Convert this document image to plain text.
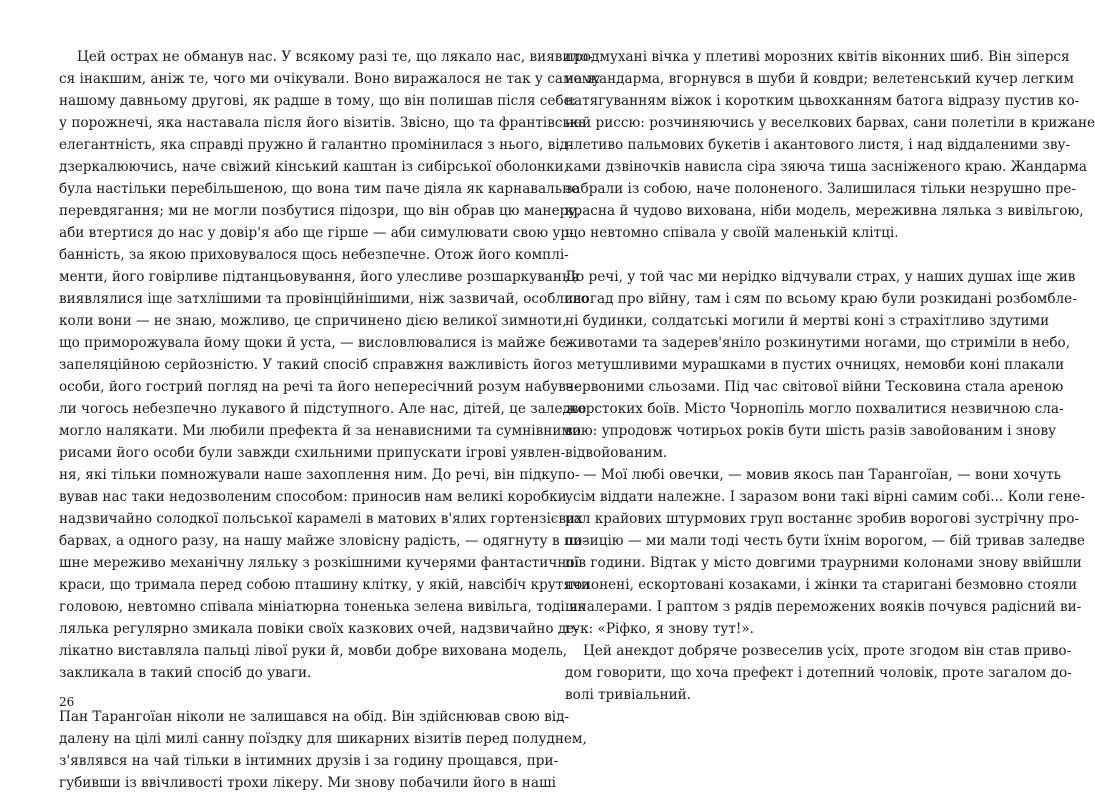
Цей острах не обманув нас. У всякому разі те, що лякало нас, виявило-

ся інакшим, аніж те, чого ми очікували. Воно виражалося не так у самому

нашому давньому другові, як радше в тому, що він полишав після себе:

у порожнечі, яка наставала після його візитів. Звісно, що та франтівська

елегантність, яка справді пружно й галантно промінилася з нього, від-

дзеркалюючись, наче свіжий кінський каштан із сибірської оболонки,

була настільки перебільшеною, що вона тим паче діяла як карнавальне

перевдягання; ми не могли позбутися підозри, що він обрав цю манеру,

аби втертися до нас у довір'я або ще гірше — аби симулювати свою ур-

банність, за якою приховувалося щось небезпечне. Отож його комплі-

менти, його говірливе підтанцьовування, його улесливе розшаркування

виявлялися іще затхлішими та провінційнішими, ніж зазвичай, особливо

коли вони — не знаю, можливо, це спричинено дією великої зимноти,

що приморожувала йому щоки й уста, — висловлювалися із майже бе-

запеляційною серйозністю. У такий спосіб справжня важливість його

особи, його гострий погляд на речі та його непересічний розум набува-

ли чогось небезпечно лукавого й підступного. Але нас, дітей, це заледве

могло налякати. Ми любили префекта й за ненависними та сумнівними

рисами його особи були завжди схильними припускати ігрові уявлен-

ня, які тільки помножували наше захоплення ним. До речі, він підкупо-

вував нас таки недозволеним способом: приносив нам великі коробки

надзвичайно солодкої польської карамелі в матових в'ялих гортензієвих

барвах, а одного разу, на нашу майже зловісну радість, — одягнуту в пи-

шне мереживо механічну ляльку з розкішними кучерями фантастичної

краси, що тримала перед собою пташину клітку, у якій, навсібіч крутячи

головою, невтомно співала мініатюрна тоненька зелена вивільга, тоді як

лялька регулярно змикала повіки своїх казкових очей, надзвичайно де-

лікатно виставляла пальці лівої руки й, мовби добре вихована модель,

закликала в такий спосіб до уваги.

Пан Тарангоїан ніколи не залишався на обід. Він здійснював свою від-

далену на цілі милі санну поїздку для шикарних візитів перед полуднем,

з'являвся на чай тільки в інтимних друзів і за годину прощався, при-

губивши із ввічливості трохи лікеру. Ми знову побачили його в наші

продмухані вічка у плетиві морозних квітів віконних шиб. Він зіперся

на жандарма, вгорнувся в шуби й ковдри; велетенський кучер легким

натягуванням віжок і коротким цьвохканням батога відразу пустив ко-

ней риссю: розчиняючись у веселкових барвах, сани полетіли в крижане

плетиво пальмових букетів і акантового листя, і над віддаленими зву-

ками дзвіночків нависла сіра зяюча тиша засніженого краю. Жандарма

забрали із собою, наче полоненого. Залишилася тільки незрушно пре-

красна й чудово вихована, ніби модель, мереживна лялька з вивільгою,

що невтомно співала у своїй маленькій клітці.

До речі, у той час ми нерідко відчували страх, у наших душах іще жив

спогад про війну, там і сям по всьому краю були розкидані розбомбле-

ні будинки, солдатські могили й мертві коні з страхітливо здутими

животами та задерев'янілo розкинутими ногами, що стриміли в небо,

з метушливими мурашками в пустих очницях, немовби коні плакали

червоними сльозами. Під час світової війни Тесковина стала ареною

жорстоких боїв. Місто Чорнопіль могло похвалитися незвичною сла-

вою: упродовж чотирьох років бути шість разів завойованим і знову

відвойованим.

— Мої любі овечки, — мовив якось пан Тарангоїан, — вони хочуть

усім віддати належне. І заразом вони такі вірні самим собі... Коли гене-

рал крайових штурмових груп востаннє зробив ворогові зустрічну про-

позицію — ми мали тоді честь бути їхнім ворогом, — бій тривав заледве

пів години. Відтак у місто довгими траурними колонами знову ввійшли

полонені, ескортовані козаками, і жінки та старигані безмовно стояли

шпалерами. І раптом з рядів переможених вояків почувся радісний ви-

гук: «Ріфко, я знову тут!».

Цей анекдот добряче розвеселив усіх, проте згодом він став приво-

дом говорити, що хоча префект і дотепний чоловік, проте загалом до-

волі тривіальний.

26
